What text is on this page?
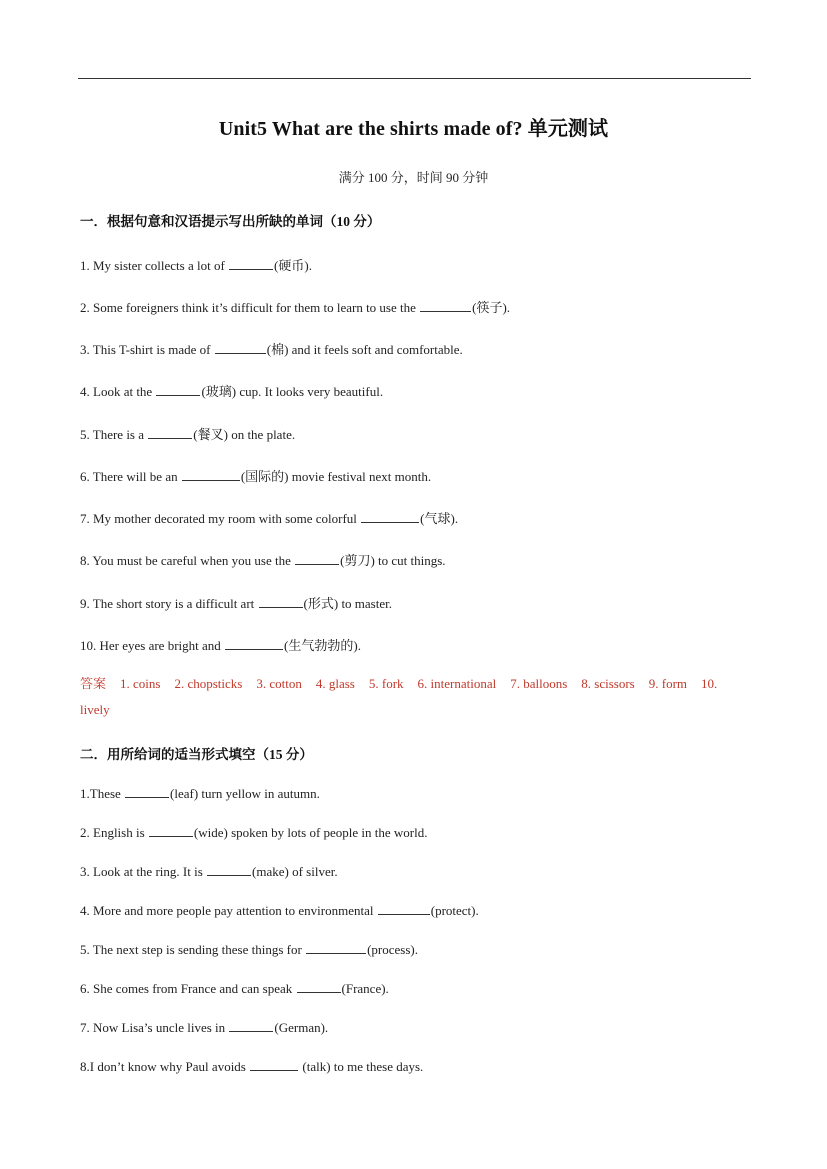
Unit5 What are the shirts made of? 单元测试
满分 100 分，时间 90 分钟
一．根据句意和汉语提示写出所缺的单词（10 分）
1. My sister collects a lot of	(硬币).
2. Some foreigners think it’s difficult for them to learn to use the	(筷子).
3. This T-shirt is made of	(棉) and it feels soft and comfortable.
4. Look at the	(玻璃) cup. It looks very beautiful.
5. There is a	(餐叉) on the plate.
6. There will be an	(国际的) movie festival next month.
7. My mother decorated my room with some colorful	(气球).
8. You must be careful when you use the	(剪刀) to cut things.
9. The short story is a difficult art	(形式) to master.
10. Her eyes are bright and	(生气勃勃的).
答案 1. coins 2. chopsticks 3. cotton 4. glass 5. fork 6. international 7. balloons 8. scissors 9. form 10. lively
二．用所给词的适当形式填空（15 分）
1.These	(leaf) turn yellow in autumn.
2. English is	(wide) spoken by lots of people in the world.
3. Look at the ring. It is	(make) of silver.
4. More and more people pay attention to environmental	(protect).
5. The next step is sending these things for	(process).
6. She comes from France and can speak	(France).
7. Now Lisa’s uncle lives in	(German).
8.I don’t know why Paul avoids	(talk) to me these days.
